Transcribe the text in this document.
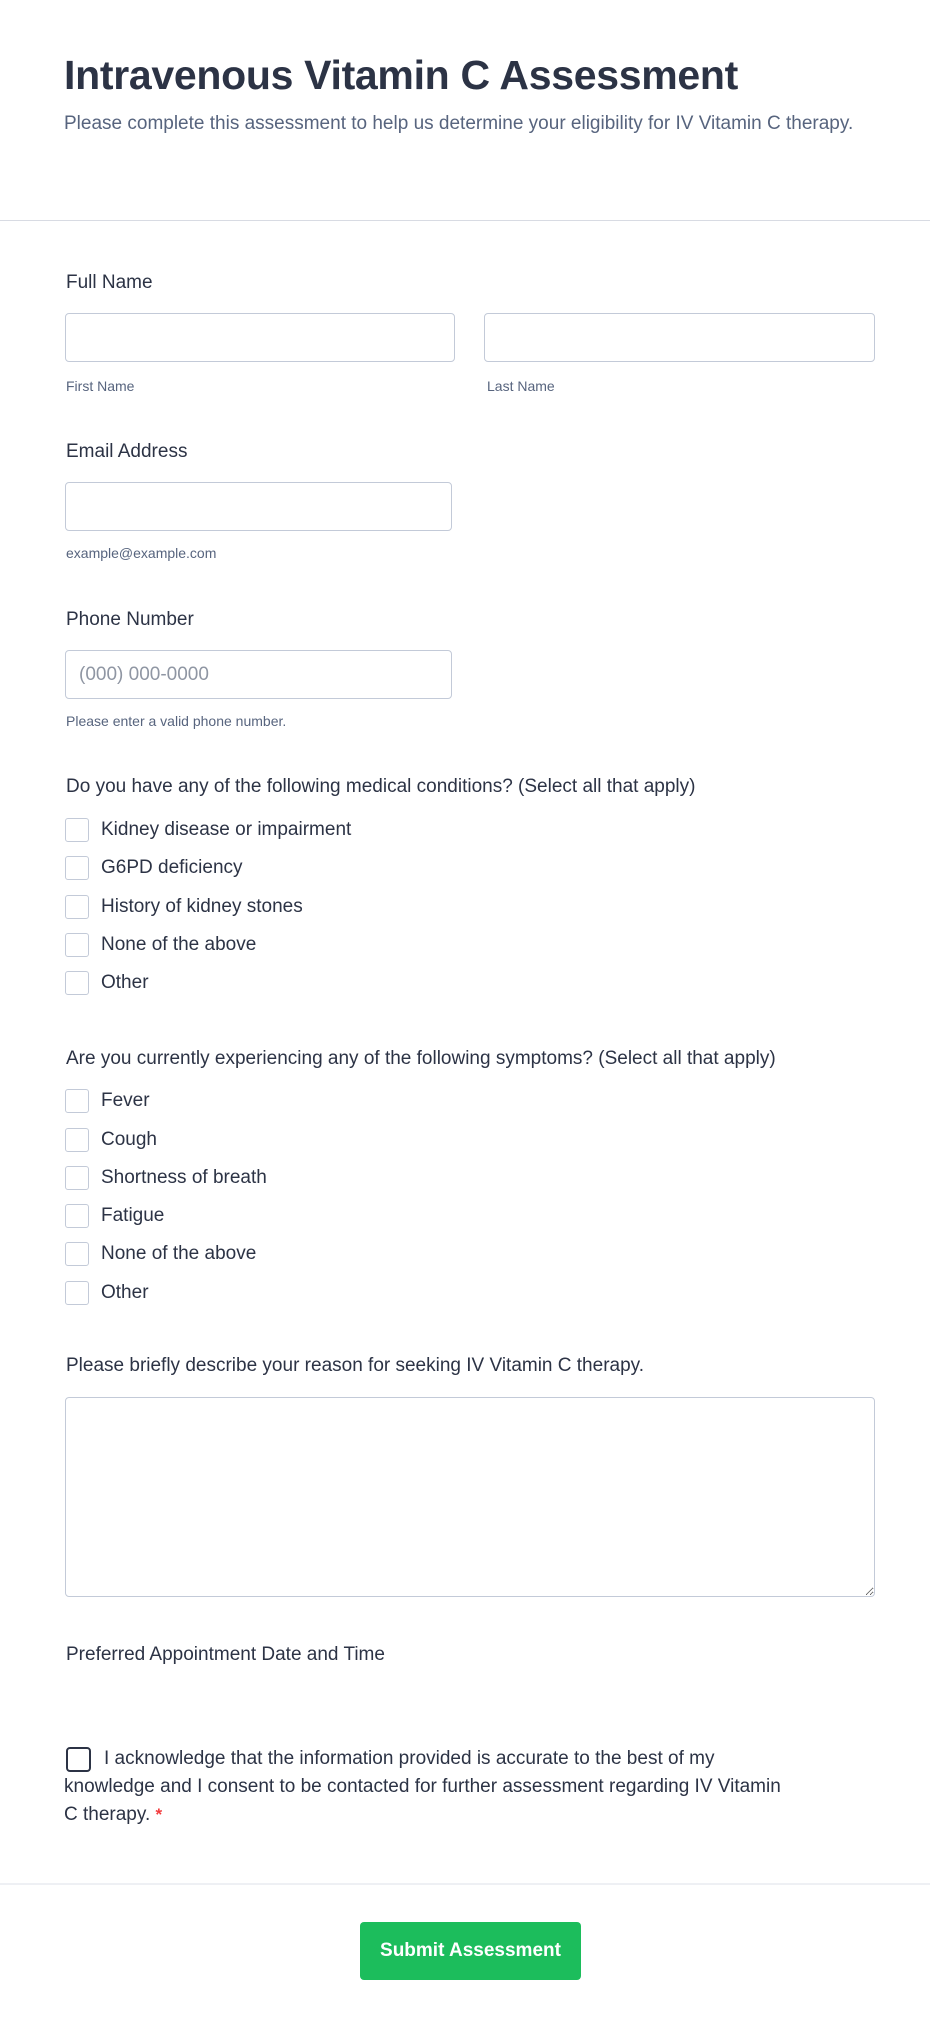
Intravenous Vitamin C Assessment

Please complete this assessment to help us determine your eligibility for IV Vitamin C therapy.

Full Name
First Name	Last Name
Email Address
example@example.com
Phone Number
(000) 000-0000
Please enter a valid phone number.
Do you have any of the following medical conditions? (Select all that apply)
Kidney disease or impairment
G6PD deficiency
History of kidney stones
None of the above
Other
Are you currently experiencing any of the following symptoms? (Select all that apply)
Fever
Cough
Shortness of breath
Fatigue
None of the above
Other
Please briefly describe your reason for seeking IV Vitamin C therapy.
Preferred Appointment Date and Time
I acknowledge that the information provided is accurate to the best of my knowledge and I consent to be contacted for further assessment regarding IV Vitamin C therapy. *
Submit Assessment
